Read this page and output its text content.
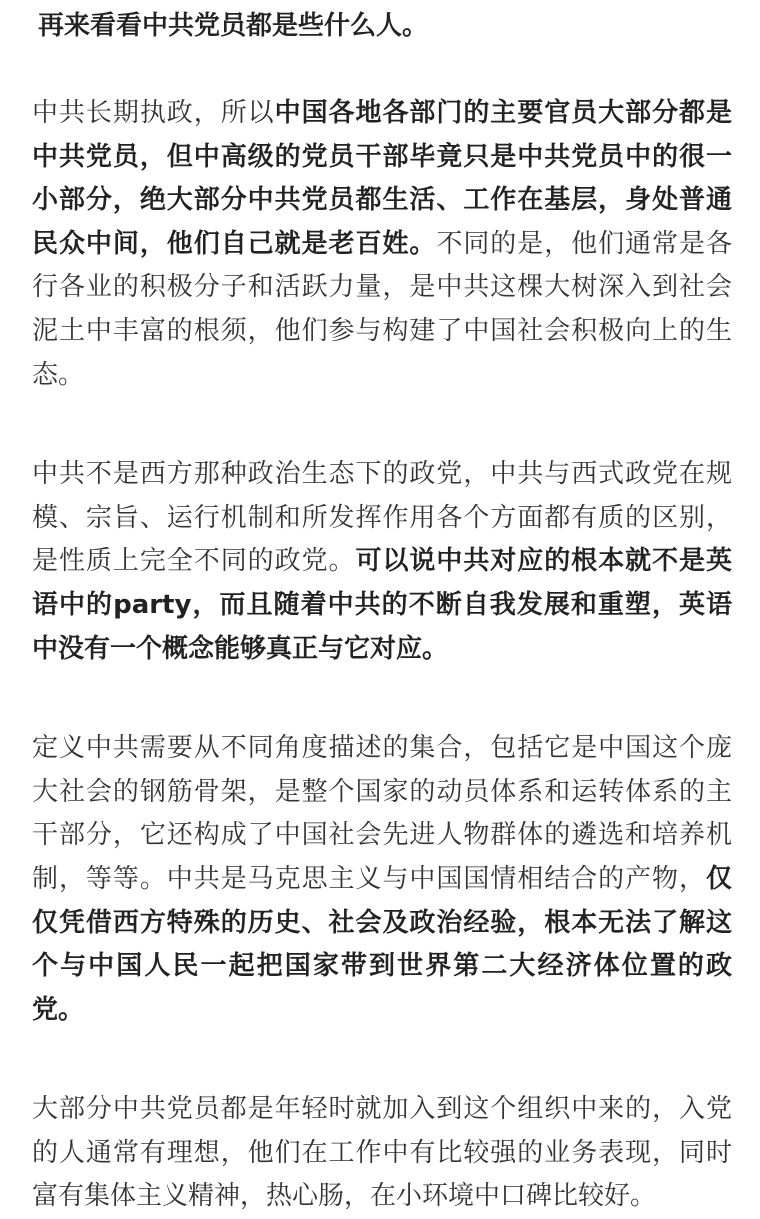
再来看看中共党员都是些什么人。

中共长期执政，所以中国各地各部门的主要官员大部分都是中共党员，但中高级的党员干部毕竟只是中共党员中的很一小部分，绝大部分中共党员都生活、工作在基层，身处普通民众中间，他们自己就是老百姓。不同的是，他们通常是各行各业的积极分子和活跃力量，是中共这棵大树深入到社会泥土中丰富的根须，他们参与构建了中国社会积极向上的生态。

中共不是西方那种政治生态下的政党，中共与西式政党在规模、宗旨、运行机制和所发挥作用各个方面都有质的区别，是性质上完全不同的政党。可以说中共对应的根本就不是英语中的party，而且随着中共的不断自我发展和重塑，英语中没有一个概念能够真正与它对应。

定义中共需要从不同角度描述的集合，包括它是中国这个庞大社会的钢筋骨架，是整个国家的动员体系和运转体系的主干部分，它还构成了中国社会先进人物群体的遴选和培养机制，等等。中共是马克思主义与中国国情相结合的产物，仅仅凭借西方特殊的历史、社会及政治经验，根本无法了解这个与中国人民一起把国家带到世界第二大经济体位置的政党。

大部分中共党员都是年轻时就加入到这个组织中来的，入党的人通常有理想，他们在工作中有比较强的业务表现，同时富有集体主义精神，热心肠，在小环境中口碑比较好。
